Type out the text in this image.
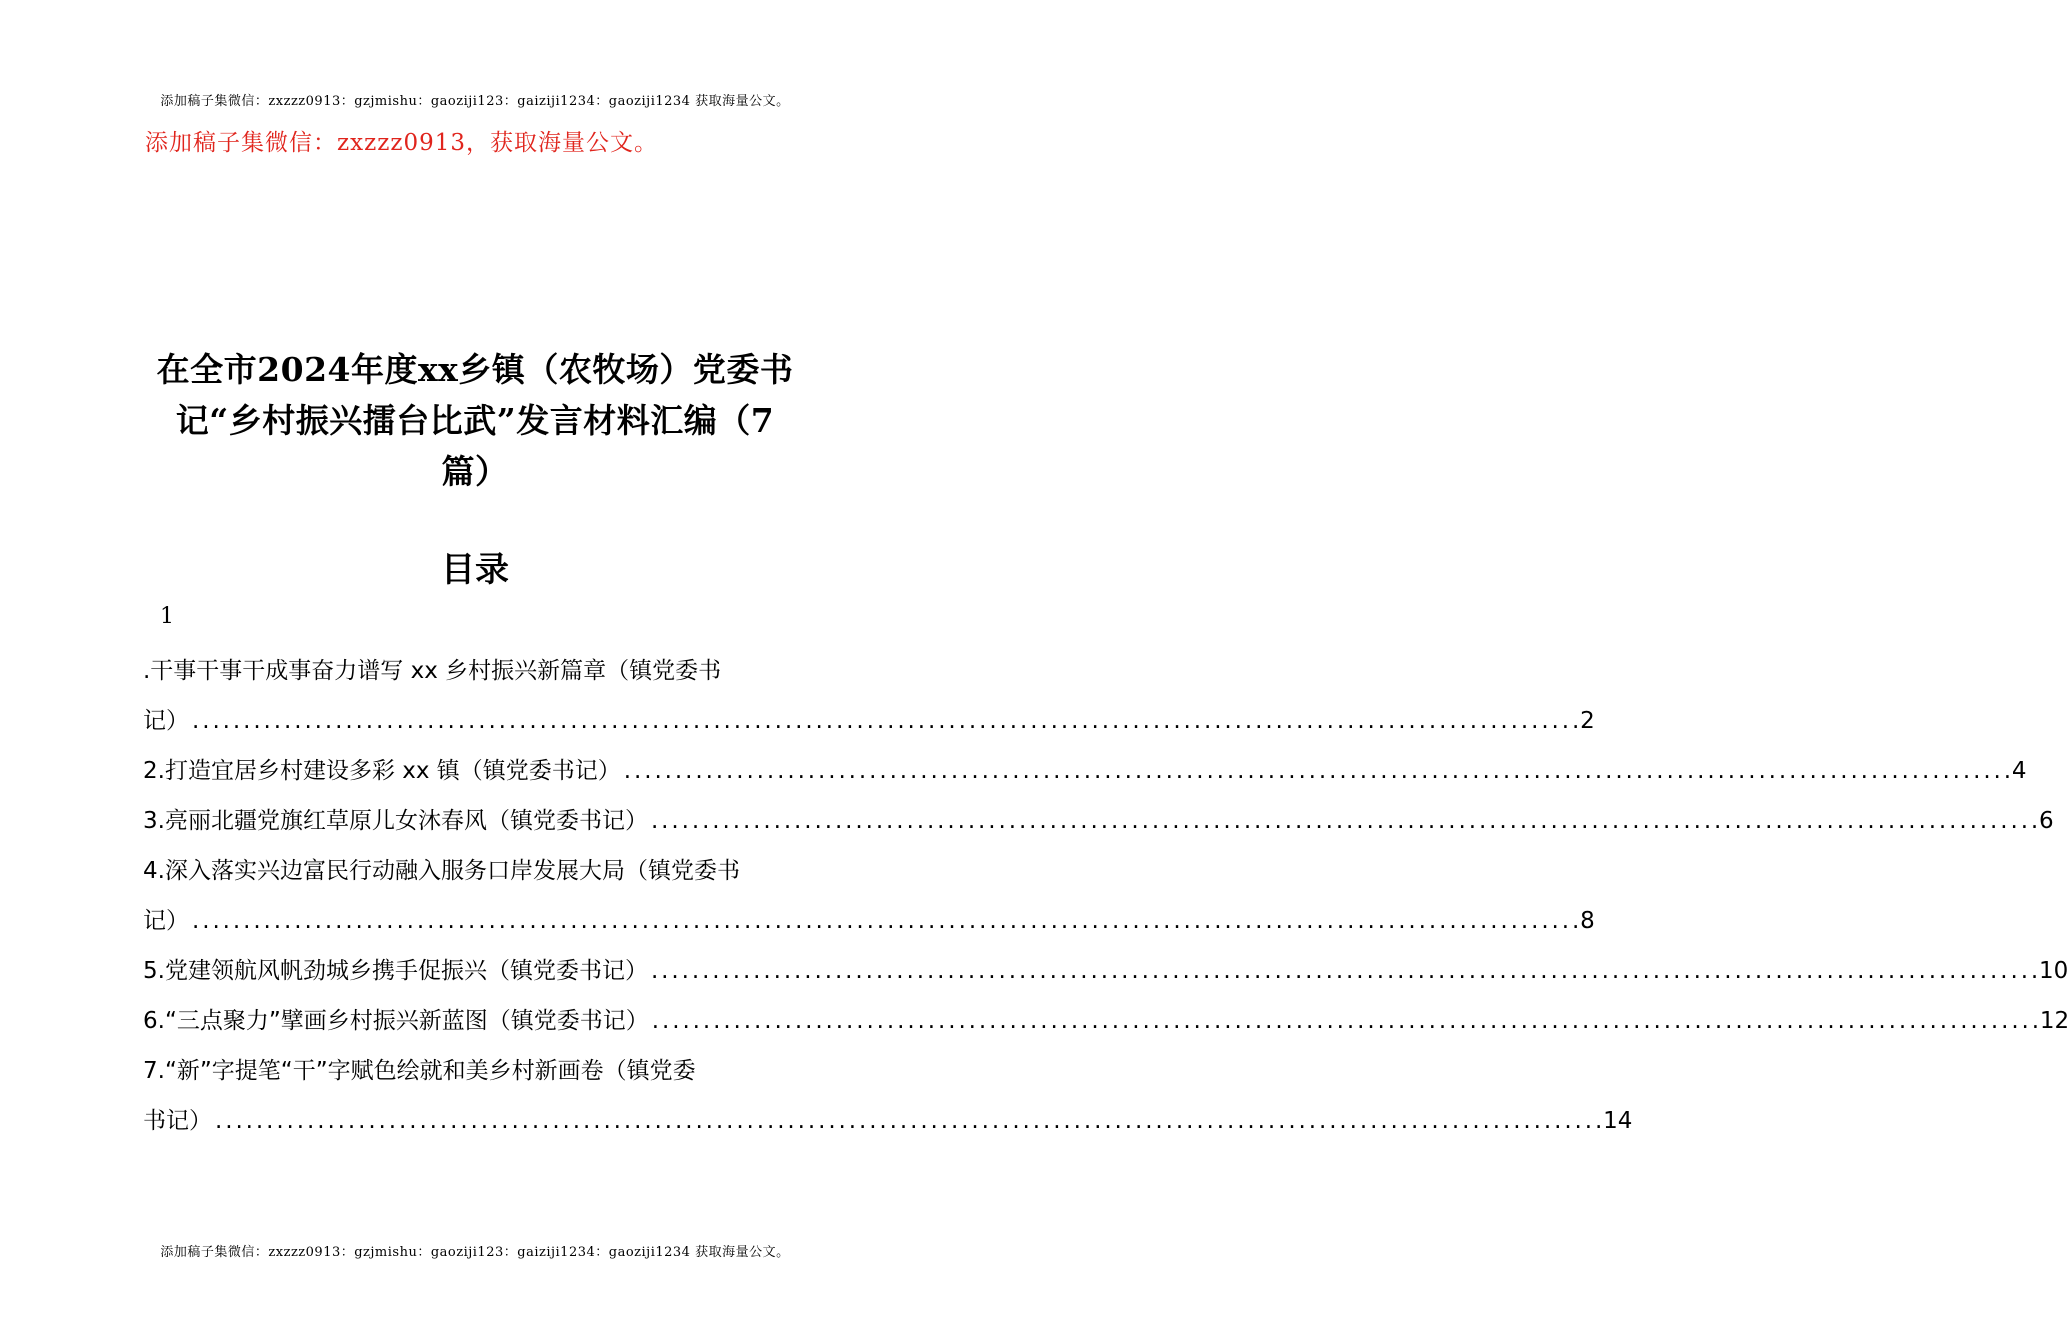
添加稿子集微信：zxzzz0913：gzjmishu：gaoziji123：gaiziji1234：gaoziji1234 获取海量公文。
添加稿子集微信：zxzzz0913，获取海量公文。
在全市2024年度xx乡镇（农牧场）党委书
记“乡村振兴擂台比武”发言材料汇编（7
篇）
目录
1
.干事干事干成事奋力谱写 xx 乡村振兴新篇章（镇党委书
记） . . .	2
2.打造宜居乡村建设多彩 xx 镇（镇党委书记） . . .	4
3.亮丽北疆党旗红草原儿女沐春风（镇党委书记） . . .	6
4.深入落实兴边富民行动融入服务口岸发展大局（镇党委书
记） . . .	8
5.党建领航风帆劲城乡携手促振兴（镇党委书记） . . .	10
6.“三点聚力”擘画乡村振兴新蓝图（镇党委书记） . . .	12
7.“新”字提笔“干”字赋色绘就和美乡村新画卷（镇党委
书记） . . .	14
添加稿子集微信：zxzzz0913：gzjmishu：gaoziji123：gaiziji1234：gaoziji1234 获取海量公文。
